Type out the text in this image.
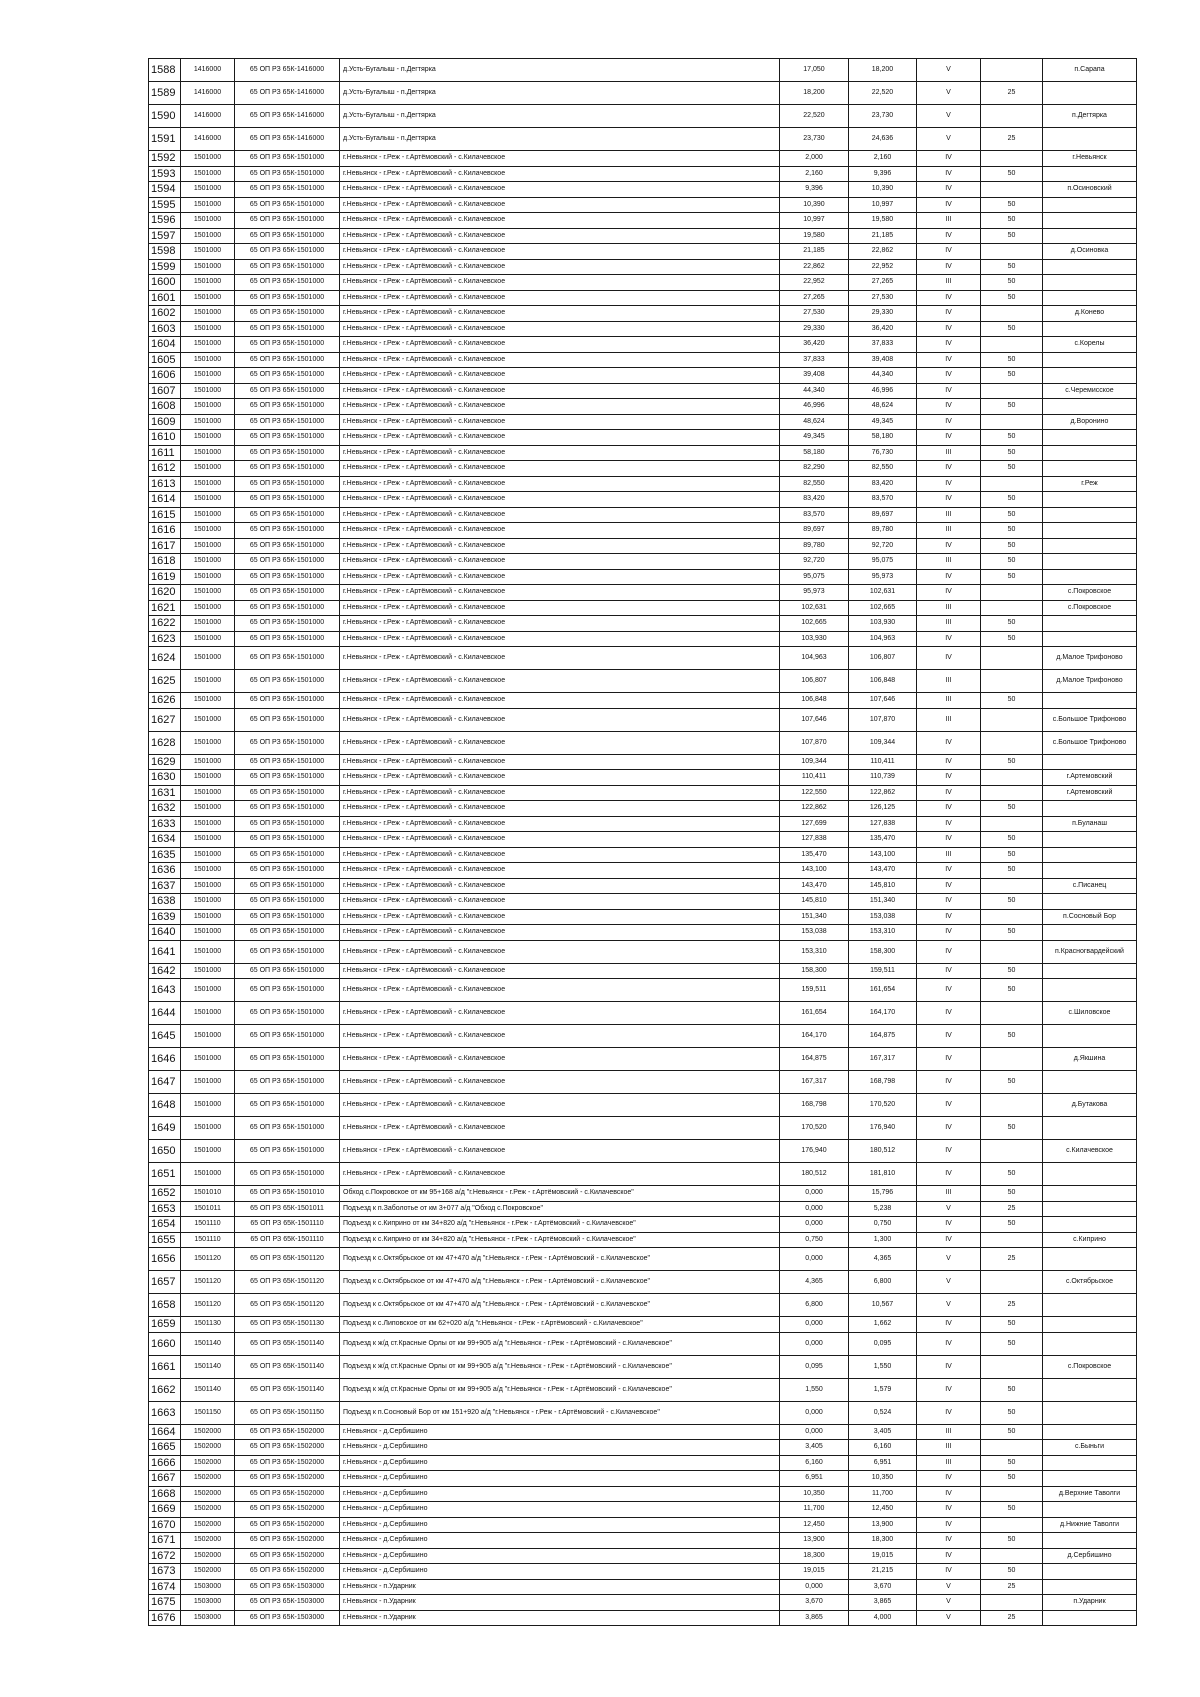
1588	1416000	65 ОП РЗ 65К-1416000	д.Усть-Бугалыш - п.Дегтярка	17,050	18,200	V		п.Сарапа
1589	1416000	65 ОП РЗ 65К-1416000	д.Усть-Бугалыш - п.Дегтярка	18,200	22,520	V	25	
1590	1416000	65 ОП РЗ 65К-1416000	д.Усть-Бугалыш - п.Дегтярка	22,520	23,730	V		п.Дегтярка
1591	1416000	65 ОП РЗ 65К-1416000	д.Усть-Бугалыш - п.Дегтярка	23,730	24,636	V	25	
1592	1501000	65 ОП РЗ 65К-1501000	г.Невьянск - г.Реж - г.Артёмовский - с.Килачевское	2,000	2,160	IV		г.Невьянск
1593	1501000	65 ОП РЗ 65К-1501000	г.Невьянск - г.Реж - г.Артёмовский - с.Килачевское	2,160	9,396	IV	50	
1594	1501000	65 ОП РЗ 65К-1501000	г.Невьянск - г.Реж - г.Артёмовский - с.Килачевское	9,396	10,390	IV		п.Осиновский
1595	1501000	65 ОП РЗ 65К-1501000	г.Невьянск - г.Реж - г.Артёмовский - с.Килачевское	10,390	10,997	IV	50	
1596	1501000	65 ОП РЗ 65К-1501000	г.Невьянск - г.Реж - г.Артёмовский - с.Килачевское	10,997	19,580	III	50	
1597	1501000	65 ОП РЗ 65К-1501000	г.Невьянск - г.Реж - г.Артёмовский - с.Килачевское	19,580	21,185	IV	50	
1598	1501000	65 ОП РЗ 65К-1501000	г.Невьянск - г.Реж - г.Артёмовский - с.Килачевское	21,185	22,862	IV		д.Осиновка
1599	1501000	65 ОП РЗ 65К-1501000	г.Невьянск - г.Реж - г.Артёмовский - с.Килачевское	22,862	22,952	IV	50	
1600	1501000	65 ОП РЗ 65К-1501000	г.Невьянск - г.Реж - г.Артёмовский - с.Килачевское	22,952	27,265	III	50	
1601	1501000	65 ОП РЗ 65К-1501000	г.Невьянск - г.Реж - г.Артёмовский - с.Килачевское	27,265	27,530	IV	50	
1602	1501000	65 ОП РЗ 65К-1501000	г.Невьянск - г.Реж - г.Артёмовский - с.Килачевское	27,530	29,330	IV		д.Конево
1603	1501000	65 ОП РЗ 65К-1501000	г.Невьянск - г.Реж - г.Артёмовский - с.Килачевское	29,330	36,420	IV	50	
1604	1501000	65 ОП РЗ 65К-1501000	г.Невьянск - г.Реж - г.Артёмовский - с.Килачевское	36,420	37,833	IV		с.Корелы
1605	1501000	65 ОП РЗ 65К-1501000	г.Невьянск - г.Реж - г.Артёмовский - с.Килачевское	37,833	39,408	IV	50	
1606	1501000	65 ОП РЗ 65К-1501000	г.Невьянск - г.Реж - г.Артёмовский - с.Килачевское	39,408	44,340	IV	50	
1607	1501000	65 ОП РЗ 65К-1501000	г.Невьянск - г.Реж - г.Артёмовский - с.Килачевское	44,340	46,996	IV		с.Черемисское
1608	1501000	65 ОП РЗ 65К-1501000	г.Невьянск - г.Реж - г.Артёмовский - с.Килачевское	46,996	48,624	IV	50	
1609	1501000	65 ОП РЗ 65К-1501000	г.Невьянск - г.Реж - г.Артёмовский - с.Килачевское	48,624	49,345	IV		д.Воронино
1610	1501000	65 ОП РЗ 65К-1501000	г.Невьянск - г.Реж - г.Артёмовский - с.Килачевское	49,345	58,180	IV	50	
1611	1501000	65 ОП РЗ 65К-1501000	г.Невьянск - г.Реж - г.Артёмовский - с.Килачевское	58,180	76,730	III	50	
1612	1501000	65 ОП РЗ 65К-1501000	г.Невьянск - г.Реж - г.Артёмовский - с.Килачевское	82,290	82,550	IV	50	
1613	1501000	65 ОП РЗ 65К-1501000	г.Невьянск - г.Реж - г.Артёмовский - с.Килачевское	82,550	83,420	IV		г.Реж
1614	1501000	65 ОП РЗ 65К-1501000	г.Невьянск - г.Реж - г.Артёмовский - с.Килачевское	83,420	83,570	IV	50	
1615	1501000	65 ОП РЗ 65К-1501000	г.Невьянск - г.Реж - г.Артёмовский - с.Килачевское	83,570	89,697	III	50	
1616	1501000	65 ОП РЗ 65К-1501000	г.Невьянск - г.Реж - г.Артёмовский - с.Килачевское	89,697	89,780	III	50	
1617	1501000	65 ОП РЗ 65К-1501000	г.Невьянск - г.Реж - г.Артёмовский - с.Килачевское	89,780	92,720	IV	50	
1618	1501000	65 ОП РЗ 65К-1501000	г.Невьянск - г.Реж - г.Артёмовский - с.Килачевское	92,720	95,075	III	50	
1619	1501000	65 ОП РЗ 65К-1501000	г.Невьянск - г.Реж - г.Артёмовский - с.Килачевское	95,075	95,973	IV	50	
1620	1501000	65 ОП РЗ 65К-1501000	г.Невьянск - г.Реж - г.Артёмовский - с.Килачевское	95,973	102,631	IV		с.Покровское
1621	1501000	65 ОП РЗ 65К-1501000	г.Невьянск - г.Реж - г.Артёмовский - с.Килачевское	102,631	102,665	III		с.Покровское
1622	1501000	65 ОП РЗ 65К-1501000	г.Невьянск - г.Реж - г.Артёмовский - с.Килачевское	102,665	103,930	III	50	
1623	1501000	65 ОП РЗ 65К-1501000	г.Невьянск - г.Реж - г.Артёмовский - с.Килачевское	103,930	104,963	IV	50	
1624	1501000	65 ОП РЗ 65К-1501000	г.Невьянск - г.Реж - г.Артёмовский - с.Килачевское	104,963	106,807	IV		д.Малое Трифоново
1625	1501000	65 ОП РЗ 65К-1501000	г.Невьянск - г.Реж - г.Артёмовский - с.Килачевское	106,807	106,848	III		д.Малое Трифоново
1626	1501000	65 ОП РЗ 65К-1501000	г.Невьянск - г.Реж - г.Артёмовский - с.Килачевское	106,848	107,646	III	50	
1627	1501000	65 ОП РЗ 65К-1501000	г.Невьянск - г.Реж - г.Артёмовский - с.Килачевское	107,646	107,870	III		с.Большое Трифоново
1628	1501000	65 ОП РЗ 65К-1501000	г.Невьянск - г.Реж - г.Артёмовский - с.Килачевское	107,870	109,344	IV		с.Большое Трифоново
1629	1501000	65 ОП РЗ 65К-1501000	г.Невьянск - г.Реж - г.Артёмовский - с.Килачевское	109,344	110,411	IV	50	
1630	1501000	65 ОП РЗ 65К-1501000	г.Невьянск - г.Реж - г.Артёмовский - с.Килачевское	110,411	110,739	IV		г.Артемовский
1631	1501000	65 ОП РЗ 65К-1501000	г.Невьянск - г.Реж - г.Артёмовский - с.Килачевское	122,550	122,862	IV		г.Артемовский
1632	1501000	65 ОП РЗ 65К-1501000	г.Невьянск - г.Реж - г.Артёмовский - с.Килачевское	122,862	126,125	IV	50	
1633	1501000	65 ОП РЗ 65К-1501000	г.Невьянск - г.Реж - г.Артёмовский - с.Килачевское	127,699	127,838	IV		п.Буланаш
1634	1501000	65 ОП РЗ 65К-1501000	г.Невьянск - г.Реж - г.Артёмовский - с.Килачевское	127,838	135,470	IV	50	
1635	1501000	65 ОП РЗ 65К-1501000	г.Невьянск - г.Реж - г.Артёмовский - с.Килачевское	135,470	143,100	III	50	
1636	1501000	65 ОП РЗ 65К-1501000	г.Невьянск - г.Реж - г.Артёмовский - с.Килачевское	143,100	143,470	IV	50	
1637	1501000	65 ОП РЗ 65К-1501000	г.Невьянск - г.Реж - г.Артёмовский - с.Килачевское	143,470	145,810	IV		с.Писанец
1638	1501000	65 ОП РЗ 65К-1501000	г.Невьянск - г.Реж - г.Артёмовский - с.Килачевское	145,810	151,340	IV	50	
1639	1501000	65 ОП РЗ 65К-1501000	г.Невьянск - г.Реж - г.Артёмовский - с.Килачевское	151,340	153,038	IV		п.Сосновый Бор
1640	1501000	65 ОП РЗ 65К-1501000	г.Невьянск - г.Реж - г.Артёмовский - с.Килачевское	153,038	153,310	IV	50	
1641	1501000	65 ОП РЗ 65К-1501000	г.Невьянск - г.Реж - г.Артёмовский - с.Килачевское	153,310	158,300	IV		п.Красногвардейский
1642	1501000	65 ОП РЗ 65К-1501000	г.Невьянск - г.Реж - г.Артёмовский - с.Килачевское	158,300	159,511	IV	50	
1643	1501000	65 ОП РЗ 65К-1501000	г.Невьянск - г.Реж - г.Артёмовский - с.Килачевское	159,511	161,654	IV	50	
1644	1501000	65 ОП РЗ 65К-1501000	г.Невьянск - г.Реж - г.Артёмовский - с.Килачевское	161,654	164,170	IV		с.Шиловское
1645	1501000	65 ОП РЗ 65К-1501000	г.Невьянск - г.Реж - г.Артёмовский - с.Килачевское	164,170	164,875	IV	50	
1646	1501000	65 ОП РЗ 65К-1501000	г.Невьянск - г.Реж - г.Артёмовский - с.Килачевское	164,875	167,317	IV		д.Якшина
1647	1501000	65 ОП РЗ 65К-1501000	г.Невьянск - г.Реж - г.Артёмовский - с.Килачевское	167,317	168,798	IV	50	
1648	1501000	65 ОП РЗ 65К-1501000	г.Невьянск - г.Реж - г.Артёмовский - с.Килачевское	168,798	170,520	IV		д.Бутакова
1649	1501000	65 ОП РЗ 65К-1501000	г.Невьянск - г.Реж - г.Артёмовский - с.Килачевское	170,520	176,940	IV	50	
1650	1501000	65 ОП РЗ 65К-1501000	г.Невьянск - г.Реж - г.Артёмовский - с.Килачевское	176,940	180,512	IV		с.Килачевское
1651	1501000	65 ОП РЗ 65К-1501000	г.Невьянск - г.Реж - г.Артёмовский - с.Килачевское	180,512	181,810	IV	50	
1652	1501010	65 ОП РЗ 65К-1501010	Обход с.Покровское от км 95+168 а/д "г.Невьянск - г.Реж - г.Артёмовский - с.Килачевское"	0,000	15,796	III	50	
1653	1501011	65 ОП РЗ 65К-1501011	Подъезд к п.Заболотье от км 3+077 а/д "Обход с.Покровское"	0,000	5,238	V	25	
1654	1501110	65 ОП РЗ 65К-1501110	Подъезд к с.Киприно от км 34+820 а/д "г.Невьянск - г.Реж - г.Артёмовский - с.Килачевское"	0,000	0,750	IV	50	
1655	1501110	65 ОП РЗ 65К-1501110	Подъезд к с.Киприно от км 34+820 а/д "г.Невьянск - г.Реж - г.Артёмовский - с.Килачевское"	0,750	1,300	IV		с.Киприно
1656	1501120	65 ОП РЗ 65К-1501120	Подъезд к с.Октябрьское от км 47+470 а/д "г.Невьянск - г.Реж - г.Артёмовский - с.Килачевское"	0,000	4,365	V	25	
1657	1501120	65 ОП РЗ 65К-1501120	Подъезд к с.Октябрьское от км 47+470 а/д "г.Невьянск - г.Реж - г.Артёмовский - с.Килачевское"	4,365	6,800	V		с.Октябрьское
1658	1501120	65 ОП РЗ 65К-1501120	Подъезд к с.Октябрьское от км 47+470 а/д "г.Невьянск - г.Реж - г.Артёмовский - с.Килачевское"	6,800	10,567	V	25	
1659	1501130	65 ОП РЗ 65К-1501130	Подъезд к с.Липовское от км 62+020 а/д "г.Невьянск - г.Реж - г.Артёмовский - с.Килачевское"	0,000	1,662	IV	50	
1660	1501140	65 ОП РЗ 65К-1501140	Подъезд к ж/д ст.Красные Орлы от км 99+905 а/д "г.Невьянск - г.Реж - г.Артёмовский - с.Килачевское"	0,000	0,095	IV	50	
1661	1501140	65 ОП РЗ 65К-1501140	Подъезд к ж/д ст.Красные Орлы от км 99+905 а/д "г.Невьянск - г.Реж - г.Артёмовский - с.Килачевское"	0,095	1,550	IV		с.Покровское
1662	1501140	65 ОП РЗ 65К-1501140	Подъезд к ж/д ст.Красные Орлы от км 99+905 а/д "г.Невьянск - г.Реж - г.Артёмовский - с.Килачевское"	1,550	1,579	IV	50	
1663	1501150	65 ОП РЗ 65К-1501150	Подъезд к п.Сосновый Бор от км 151+920 а/д "г.Невьянск - г.Реж - г.Артёмовский - с.Килачевское"	0,000	0,524	IV	50	
1664	1502000	65 ОП РЗ 65К-1502000	г.Невьянск - д.Сербишино	0,000	3,405	III	50	
1665	1502000	65 ОП РЗ 65К-1502000	г.Невьянск - д.Сербишино	3,405	6,160	III		с.Быньги
1666	1502000	65 ОП РЗ 65К-1502000	г.Невьянск - д.Сербишино	6,160	6,951	III	50	
1667	1502000	65 ОП РЗ 65К-1502000	г.Невьянск - д.Сербишино	6,951	10,350	IV	50	
1668	1502000	65 ОП РЗ 65К-1502000	г.Невьянск - д.Сербишино	10,350	11,700	IV		д.Верхние Таволги
1669	1502000	65 ОП РЗ 65К-1502000	г.Невьянск - д.Сербишино	11,700	12,450	IV	50	
1670	1502000	65 ОП РЗ 65К-1502000	г.Невьянск - д.Сербишино	12,450	13,900	IV		д.Нижние Таволги
1671	1502000	65 ОП РЗ 65К-1502000	г.Невьянск - д.Сербишино	13,900	18,300	IV	50	
1672	1502000	65 ОП РЗ 65К-1502000	г.Невьянск - д.Сербишино	18,300	19,015	IV		д.Сербишино
1673	1502000	65 ОП РЗ 65К-1502000	г.Невьянск - д.Сербишино	19,015	21,215	IV	50	
1674	1503000	65 ОП РЗ 65К-1503000	г.Невьянск - п.Ударник	0,000	3,670	V	25	
1675	1503000	65 ОП РЗ 65К-1503000	г.Невьянск - п.Ударник	3,670	3,865	V		п.Ударник
1676	1503000	65 ОП РЗ 65К-1503000	г.Невьянск - п.Ударник	3,865	4,000	V	25	
